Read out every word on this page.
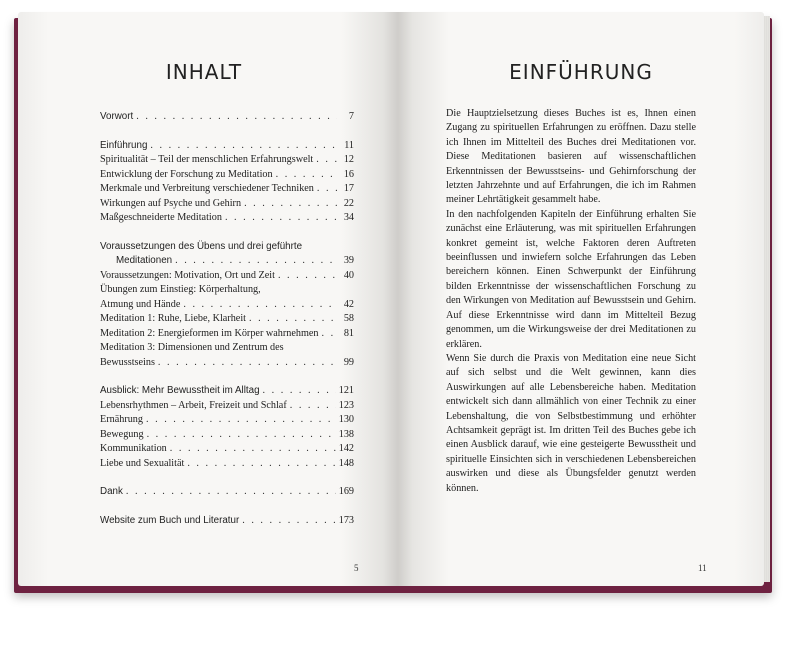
INHALT
Vorwort . . .	7
Einführung . . .	11
Spiritualität – Teil der menschlichen Erfahrungswelt . . .	12
Entwicklung der Forschung zu Meditation . . .	16
Merkmale und Verbreitung verschiedener Techniken . . .	17
Wirkungen auf Psyche und Gehirn . . .	22
Maßgeschneiderte Meditation . . .	34
Voraussetzungen des Übens und drei geführte
Meditationen . . .	39
Voraussetzungen: Motivation, Ort und Zeit . . .	40
Übungen zum Einstieg: Körperhaltung,
Atmung und Hände . . .	42
Meditation 1: Ruhe, Liebe, Klarheit . . .	58
Meditation 2: Energieformen im Körper wahrnehmen . . .	81
Meditation 3: Dimensionen und Zentrum des
Bewusstseins . . .	99
Ausblick: Mehr Bewusstheit im Alltag . . .	121
Lebensrhythmen – Arbeit, Freizeit und Schlaf . . .	123
Ernährung . . .	130
Bewegung . . .	138
Kommunikation . . .	142
Liebe und Sexualität . . .	148
Dank . . .	169
Website zum Buch und Literatur . . .	173
5
EINFÜHRUNG

Die Hauptzielsetzung dieses Buches ist es, Ihnen einen Zugang zu spirituellen Erfahrungen zu eröffnen. Dazu stelle ich Ihnen im Mittelteil des Buches drei Meditationen vor. Diese Meditationen basieren auf wissenschaftlichen Erkenntnissen der Bewusstseins- und Gehirnforschung der letzten Jahrzehnte und auf Erfahrungen, die ich im Rahmen meiner Lehrtätigkeit gesammelt habe.

In den nachfolgenden Kapiteln der Einführung erhalten Sie zunächst eine Erläuterung, was mit spirituellen Erfahrungen konkret gemeint ist, welche Faktoren deren Auftreten beeinflussen und inwiefern solche Erfahrungen das Leben bereichern können. Einen Schwerpunkt der Einführung bilden Erkenntnisse der wissenschaftlichen Forschung zu den Wirkungen von Meditation auf Bewusstsein und Gehirn. Auf diese Erkenntnisse wird dann im Mittelteil Bezug genommen, um die Wirkungsweise der drei Meditationen zu erklären.

Wenn Sie durch die Praxis von Meditation eine neue Sicht auf sich selbst und die Welt gewinnen, kann dies Auswirkungen auf alle Lebensbereiche haben. Meditation entwickelt sich dann allmählich von einer Technik zu einer Lebenshaltung, die von Selbstbestimmung und erhöhter Achtsamkeit geprägt ist. Im dritten Teil des Buches gebe ich einen Ausblick darauf, wie eine gesteigerte Bewusstheit und spirituelle Einsichten sich in verschiedenen Lebensbereichen auswirken und diese als Übungsfelder genutzt werden können.

11
